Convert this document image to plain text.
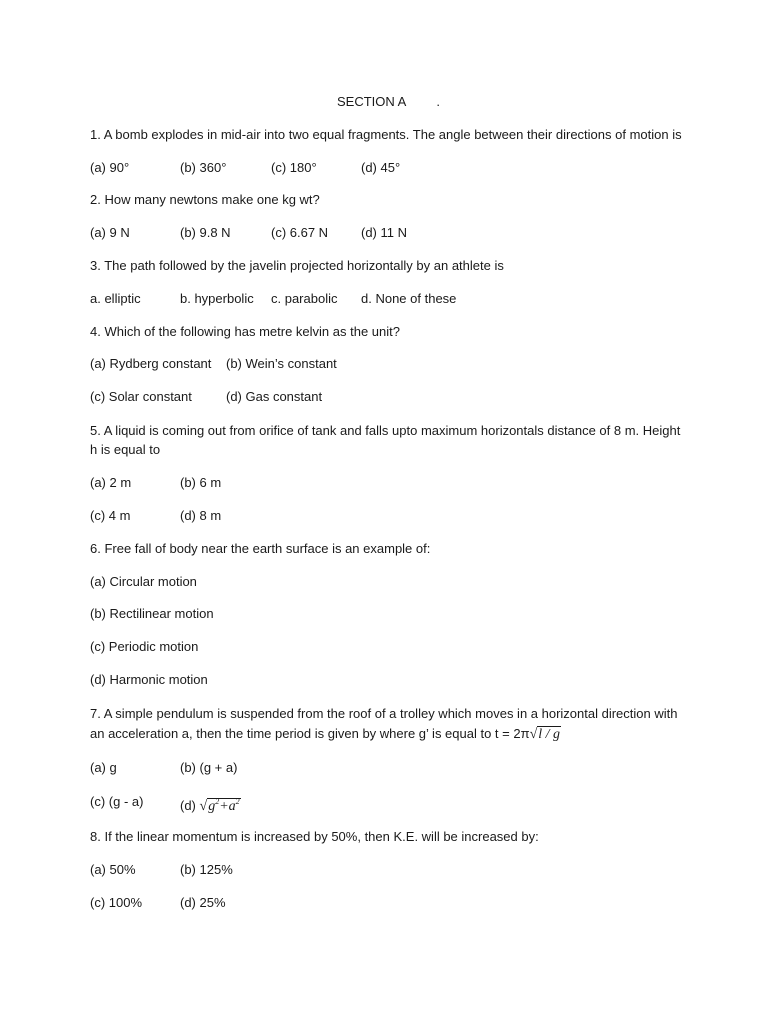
SECTION A .
1. A bomb explodes in mid-air into two equal fragments. The angle between their directions of motion is
(a) 90°	(b) 360°	(c) 180°	(d) 45°
2. How many newtons make one kg wt?
(a) 9 N	(b) 9.8 N	(c) 6.67 N	(d) 11 N
3. The path followed by the javelin projected horizontally by an athlete is
a. elliptic	b. hyperbolic c. parabolic d. None of these
4. Which of the following has metre kelvin as the unit?
(a) Rydberg constant (b) Wein’s constant
(c) Solar constant	(d) Gas constant
5. A liquid is coming out from orifice of tank and falls upto maximum horizontals distance of 8 m. Height
h is equal to
(a) 2 m	(b) 6 m
(c) 4 m	(d) 8 m
6. Free fall of body near the earth surface is an example of:
(a) Circular motion
(b) Rectilinear motion
(c) Periodic motion
(d) Harmonic motion
7. A simple pendulum is suspended from the roof of a trolley which moves in a horizontal direction with
an acceleration a, then the time period is given by where g’ is equal to t = 2π√l / g
(a) g	(b) (g + a)
(c) (g - a)	(d) $√g^2+a^2$
8. If the linear momentum is increased by 50%, then K.E. will be increased by:
(a) 50%	(b) 125%
(c) 100%	(d) 25%
